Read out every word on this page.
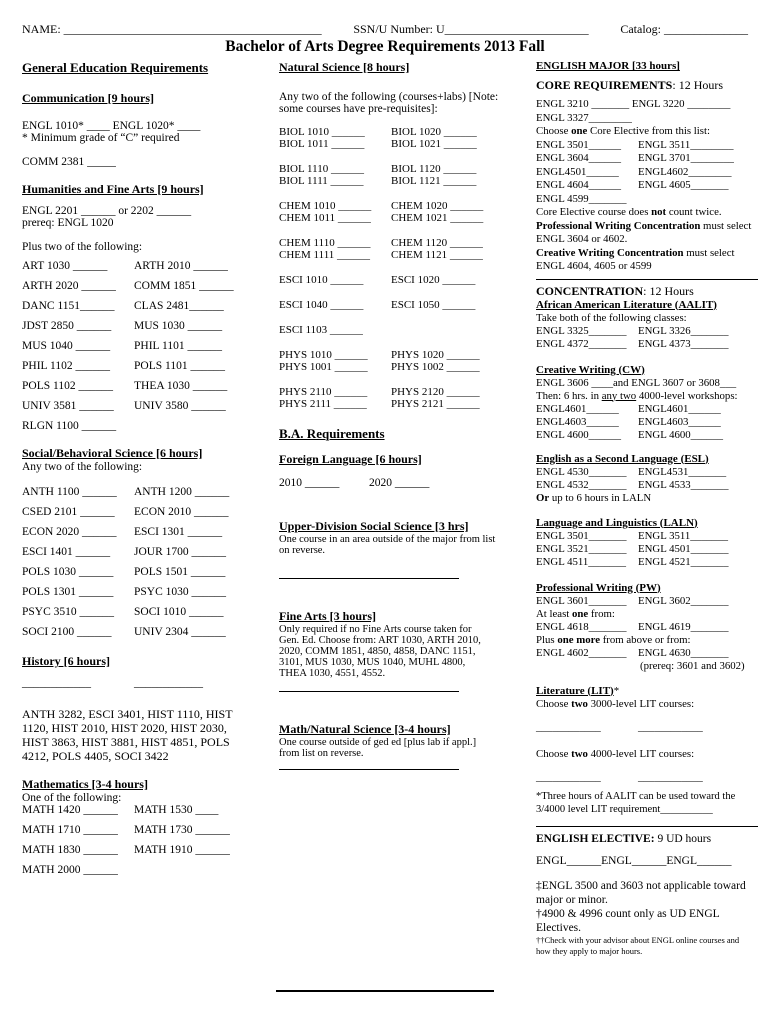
NAME: ___________________________________________	SSN/U Number: U________________________	Catalog: ______________
Bachelor of Arts Degree Requirements 2013 Fall
General Education Requirements
Communication [9 hours]
ENGL 1010* ____ ENGL 1020* ____
* Minimum grade of “C” required
COMM 2381 _____
Humanities and Fine Arts [9 hours]
ENGL 2201 ______ or 2202 ______
prereq: ENGL 1020
Plus two of the following:
ART 1030 ______	ARTH 2010 ______
ARTH 2020 ______	COMM 1851 ______
DANC 1151______	CLAS 2481______
JDST 2850 ______	MUS 1030 ______
MUS 1040 ______	PHIL 1101 ______
PHIL 1102 ______	POLS 1101 ______
POLS 1102 ______	THEA 1030 ______
UNIV 3581 ______	UNIV 3580 ______
RLGN 1100 ______
Social/Behavioral Science [6 hours]
Any two of the following:
ANTH 1100 ______	ANTH 1200 ______
CSED 2101 ______	ECON 2010 ______
ECON 2020 ______	ESCI 1301 ______
ESCI 1401 ______	JOUR 1700 ______
POLS 1030 ______	POLS 1501 ______
POLS 1301 ______	PSYC 1030 ______
PSYC 3510 ______	SOCI 1010 ______
SOCI 2100 ______	UNIV 2304 ______
History [6 hours]
____________	____________
ANTH 3282, ESCI 3401, HIST 1110, HIST 1120, HIST 2010, HIST 2020, HIST 2030, HIST 3863, HIST 3881, HIST 4851, POLS 4212, POLS 4405, SOCI 3422
Mathematics [3-4 hours]
One of the following:
MATH 1420 ______	MATH 1530 ____
MATH 1710 ______	MATH 1730 ______
MATH 1830 ______	MATH 1910 ______
MATH 2000 ______
Natural Science [8 hours]
Any two of the following (courses+labs) [Note: some courses have pre-requisites]:
BIOL 1010 ______	BIOL 1020 ______
BIOL 1011 ______	BIOL 1021 ______
BIOL 1110 ______	BIOL 1120 ______
BIOL 1111 ______	BIOL 1121 ______
CHEM 1010 ______	CHEM 1020 ______
CHEM 1011 ______	CHEM 1021 ______
CHEM 1110 ______	CHEM 1120 ______
CHEM 1111 ______	CHEM 1121 ______
ESCI 1010 ______	ESCI 1020 ______
ESCI 1040 ______	ESCI 1050 ______
ESCI 1103 ______
PHYS 1010 ______	PHYS 1020 ______
PHYS 1001 ______	PHYS 1002 ______
PHYS 2110 ______	PHYS 2120 ______
PHYS 2111 ______	PHYS 2121 ______
B.A. Requirements
Foreign Language [6 hours]
2010 ______	2020 ______
Upper-Division Social Science [3 hrs]
One course in an area outside of the major from list on reverse.
Fine Arts [3 hours]
Only required if no Fine Arts course taken for Gen. Ed. Choose from: ART 1030, ARTH 2010, 2020, COMM 1851, 4850, 4858, DANC 1151, 3101, MUS 1030, MUS 1040, MUHL 4800, THEA 1030, 4551, 4552.
Math/Natural Science [3-4 hours]
One course outside of ged ed [plus lab if appl.] from list on reverse.
ENGLISH MAJOR [33 hours]
CORE REQUIREMENTS: 12 Hours
ENGL 3210 _______ ENGL 3220 ________
ENGL 3327________
Choose one Core Elective from this list:
ENGL 3501______	ENGL 3511________
ENGL 3604______	ENGL 3701________
ENGL4501______	ENGL4602________
ENGL 4604______	ENGL 4605_______
ENGL 4599_______
Core Elective course does not count twice.
Professional Writing Concentration must select ENGL 3604 or 4602.
Creative Writing Concentration must select ENGL 4604, 4605 or 4599
CONCENTRATION: 12 Hours
African American Literature (AALIT)
Take both of the following classes:
ENGL 3325_______	ENGL 3326_______
ENGL 4372_______	ENGL 4373_______
Creative Writing (CW)
ENGL 3606 ____and ENGL 3607 or 3608___
Then: 6 hrs. in any two 4000-level workshops:
ENGL4601______	ENGL4601______
ENGL4603______	ENGL4603______
ENGL 4600______	ENGL 4600______
English as a Second Language (ESL)
ENGL 4530_______	ENGL4531_______
ENGL 4532_______	ENGL 4533_______
Or up to 6 hours in LALN
Language and Linguistics (LALN)
ENGL 3501_______	ENGL 3511_______
ENGL 3521_______	ENGL 4501_______
ENGL 4511_______	ENGL 4521_______
Professional Writing (PW)
ENGL 3601_______	ENGL 3602_______
At least one from:
ENGL 4618_______	ENGL 4619_______
Plus one more from above or from:
ENGL 4602_______	ENGL 4630_______
(prereq: 3601 and 3602)
Literature (LIT)*
Choose two 3000-level LIT courses:
____________	____________
Choose two 4000-level LIT courses:
____________	____________
*Three hours of AALIT can be used toward the 3/4000 level LIT requirement__________
ENGLISH ELECTIVE: 9 UD hours
ENGL______ENGL______ENGL______
‡ENGL 3500 and 3603 not applicable toward major or minor.
†4900 & 4996 count only as UD ENGL Electives.
††Check with your advisor about ENGL online courses and how they apply to major hours.
